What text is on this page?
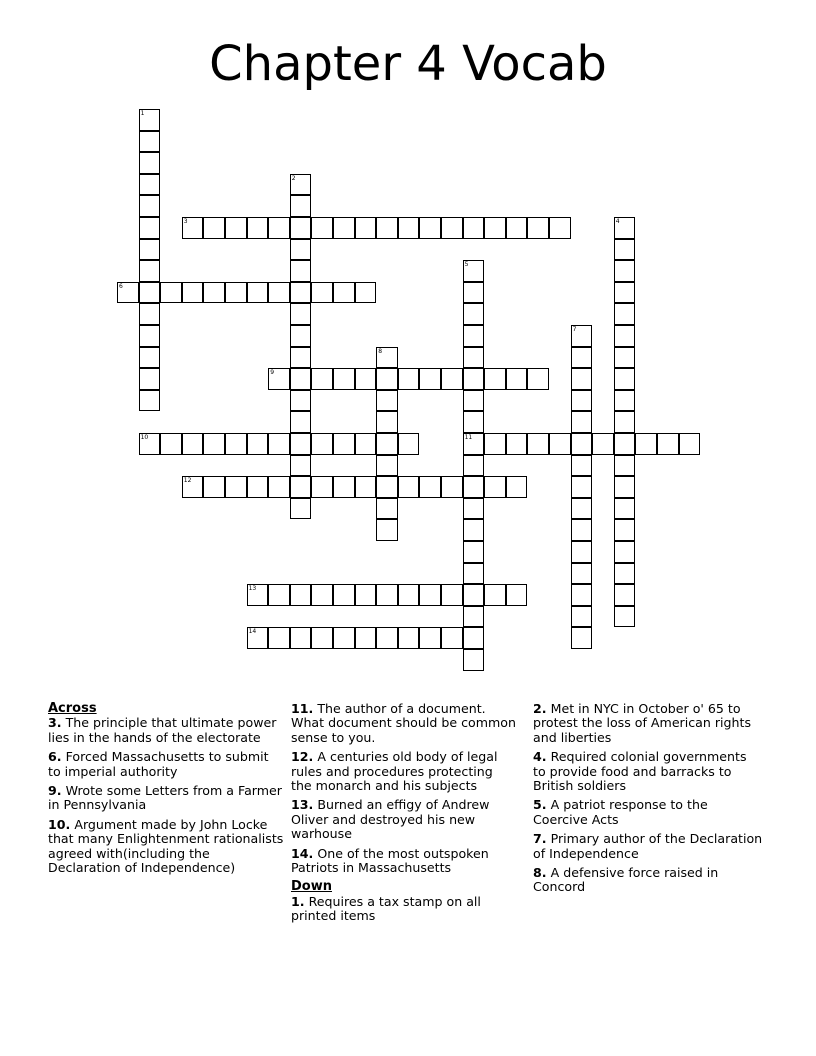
Chapter 4 Vocab
1
2
3	4
5
6
7
8
9
10	11
12
13
14
Across
3. The principle that ultimate power lies in the hands of the electorate
6. Forced Massachusetts to submit to imperial authority
9. Wrote some Letters from a Farmer in Pennsylvania
10. Argument made by John Locke that many Enlightenment rationalists agreed with(including the Declaration of Independence)
11. The author of a document. What document should be common sense to you.
12. A centuries old body of legal rules and procedures protecting the monarch and his subjects
13. Burned an effigy of Andrew Oliver and destroyed his new warhouse
14. One of the most outspoken Patriots in Massachusetts
Down
1. Requires a tax stamp on all printed items
2. Met in NYC in October o' 65 to protest the loss of American rights and liberties
4. Required colonial governments to provide food and barracks to British soldiers
5. A patriot response to the Coercive Acts
7. Primary author of the Declaration of Independence
8. A defensive force raised in Concord
